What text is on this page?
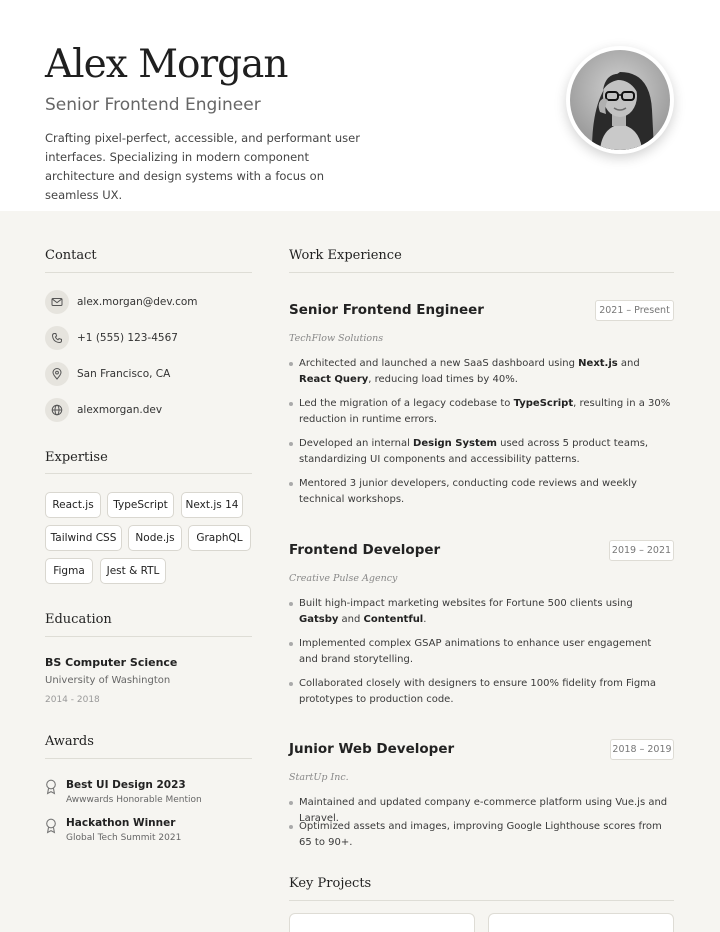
Alex Morgan
Senior Frontend Engineer
Crafting pixel-perfect, accessible, and performant user interfaces. Specializing in modern component architecture and design systems with a focus on seamless UX.
Contact
alex.morgan@dev.com
+1 (555) 123-4567
San Francisco, CA
alexmorgan.dev
Expertise
React.js	TypeScript	Next.js 14
Tailwind CSS	Node.js	GraphQL
Figma	Jest & RTL
Education
BS Computer Science
University of Washington
2014 - 2018
Awards
Best UI Design 2023
Awwwards Honorable Mention
Hackathon Winner
Global Tech Summit 2021
Work Experience
Senior Frontend Engineer	2021 – Present
TechFlow Solutions
Architected and launched a new SaaS dashboard using Next.js and React Query, reducing load times by 40%.
Led the migration of a legacy codebase to TypeScript, resulting in a 30% reduction in runtime errors.
Developed an internal Design System used across 5 product teams, standardizing UI components and accessibility patterns.
Mentored 3 junior developers, conducting code reviews and weekly technical workshops.
Frontend Developer	2019 – 2021
Creative Pulse Agency
Built high-impact marketing websites for Fortune 500 clients using Gatsby and Contentful.
Implemented complex GSAP animations to enhance user engagement and brand storytelling.
Collaborated closely with designers to ensure 100% fidelity from Figma prototypes to production code.
Junior Web Developer	2018 – 2019
StartUp Inc.
Maintained and updated company e-commerce platform using Vue.js and Laravel.
Optimized assets and images, improving Google Lighthouse scores from 65 to 90+.
Key Projects
